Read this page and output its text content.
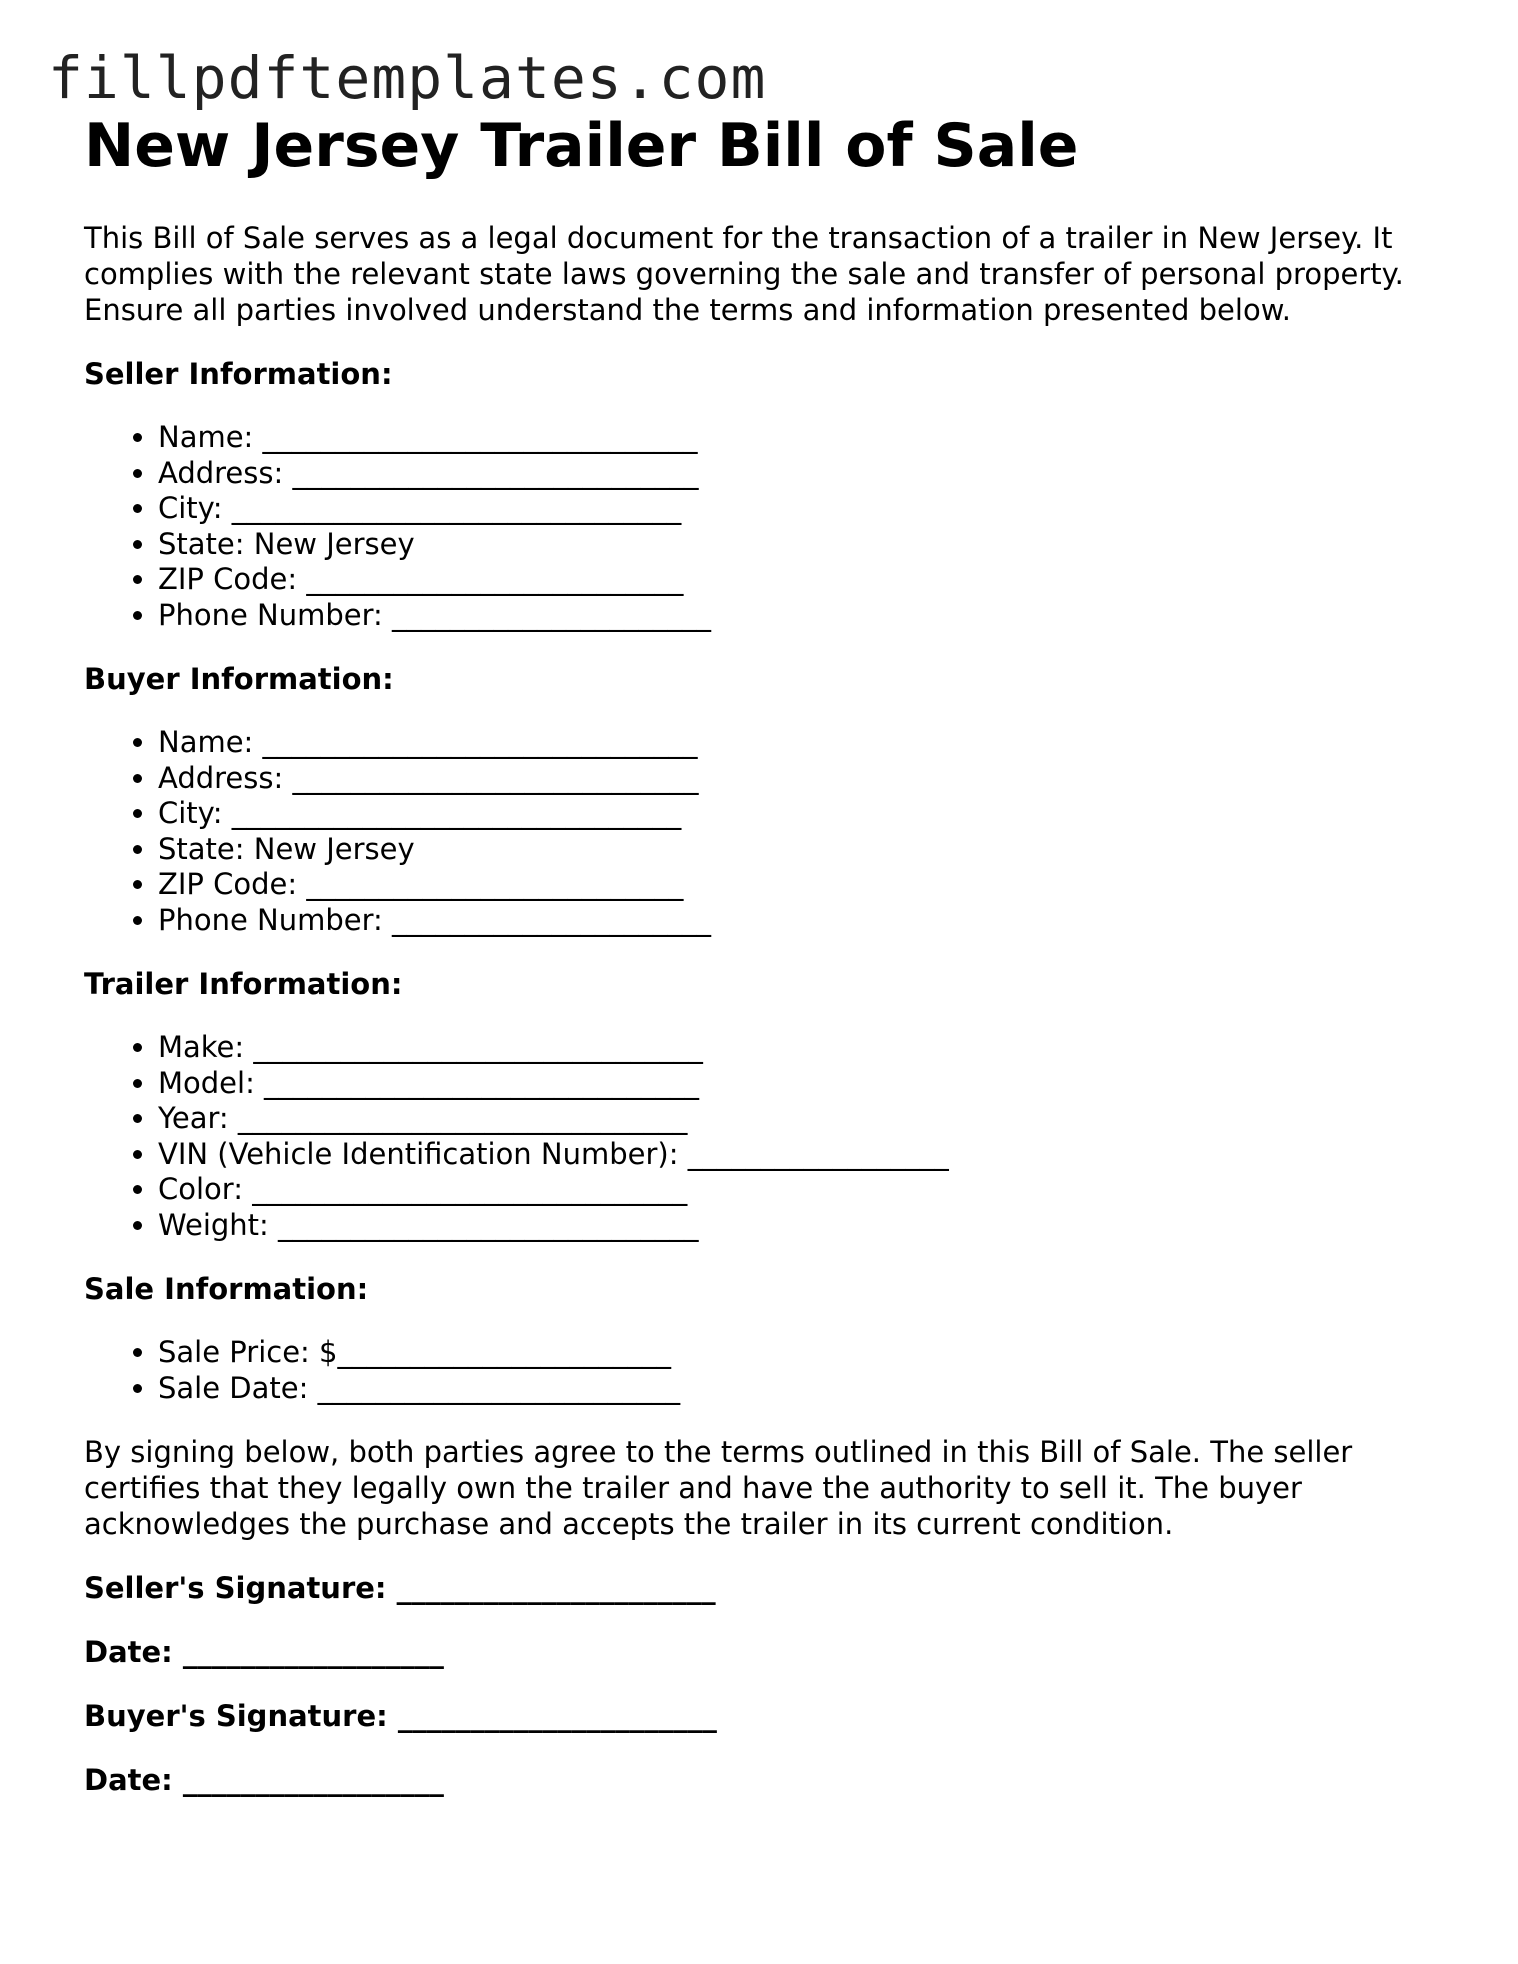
fillpdftemplates.com
New Jersey Trailer Bill of Sale

This Bill of Sale serves as a legal document for the transaction of a trailer in New Jersey. It complies with the relevant state laws governing the sale and transfer of personal property. Ensure all parties involved understand the terms and information presented below.

Seller Information:
• Name: ______________________________
• Address: ____________________________
• City: _______________________________
• State: New Jersey
• ZIP Code: __________________________
• Phone Number: ______________________
Buyer Information:
• Name: ______________________________
• Address: ____________________________
• City: _______________________________
• State: New Jersey
• ZIP Code: __________________________
• Phone Number: ______________________
Trailer Information:
• Make: _______________________________
• Model: ______________________________
• Year: _______________________________
• VIN (Vehicle Identification Number): __________________
• Color: ______________________________
• Weight: _____________________________
Sale Information:
• Sale Price: $_______________________
• Sale Date: _________________________

By signing below, both parties agree to the terms outlined in this Bill of Sale. The seller certifies that they legally own the trailer and have the authority to sell it. The buyer acknowledges the purchase and accepts the trailer in its current condition.

Seller's Signature: ______________________
Date: __________________
Buyer's Signature: ______________________
Date: __________________
